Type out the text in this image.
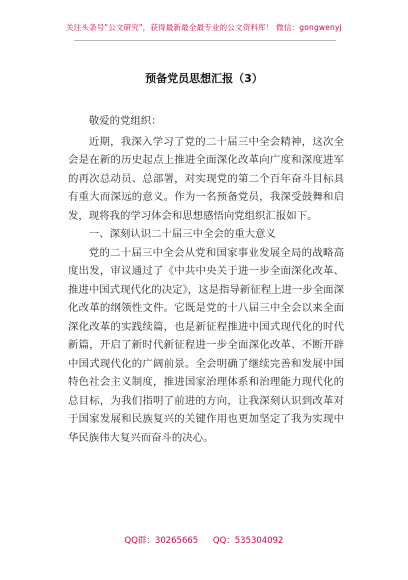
关注头条号"公文研究"，获得最新最全最专业的公文资料库！ 微信：gongwenyj
预备党员思想汇报（3）

敬爱的党组织：

近期，我深入学习了党的二十届三中全会精神，这次全会是在新的历史起点上推进全面深化改革向广度和深度进军的再次总动员、总部署，对实现党的第二个百年奋斗目标具有重大而深远的意义。作为一名预备党员，我深受鼓舞和启发，现将我的学习体会和思想感悟向党组织汇报如下。

一、深刻认识二十届三中全会的重大意义

党的二十届三中全会从党和国家事业发展全局的战略高度出发，审议通过了《中共中央关于进一步全面深化改革、推进中国式现代化的决定》，这是指导新征程上进一步全面深化改革的纲领性文件。它既是党的十八届三中全会以来全面深化改革的实践续篇，也是新征程推进中国式现代化的时代新篇，开启了新时代新征程进一步全面深化改革、不断开辟中国式现代化的广阔前景。全会明确了继续完善和发展中国特色社会主义制度，推进国家治理体系和治理能力现代化的总目标，为我们指明了前进的方向，让我深刻认识到改革对于国家发展和民族复兴的关键作用也更加坚定了我为实现中华民族伟大复兴而奋斗的决心。

QQ群：30265665 QQ：535304092
